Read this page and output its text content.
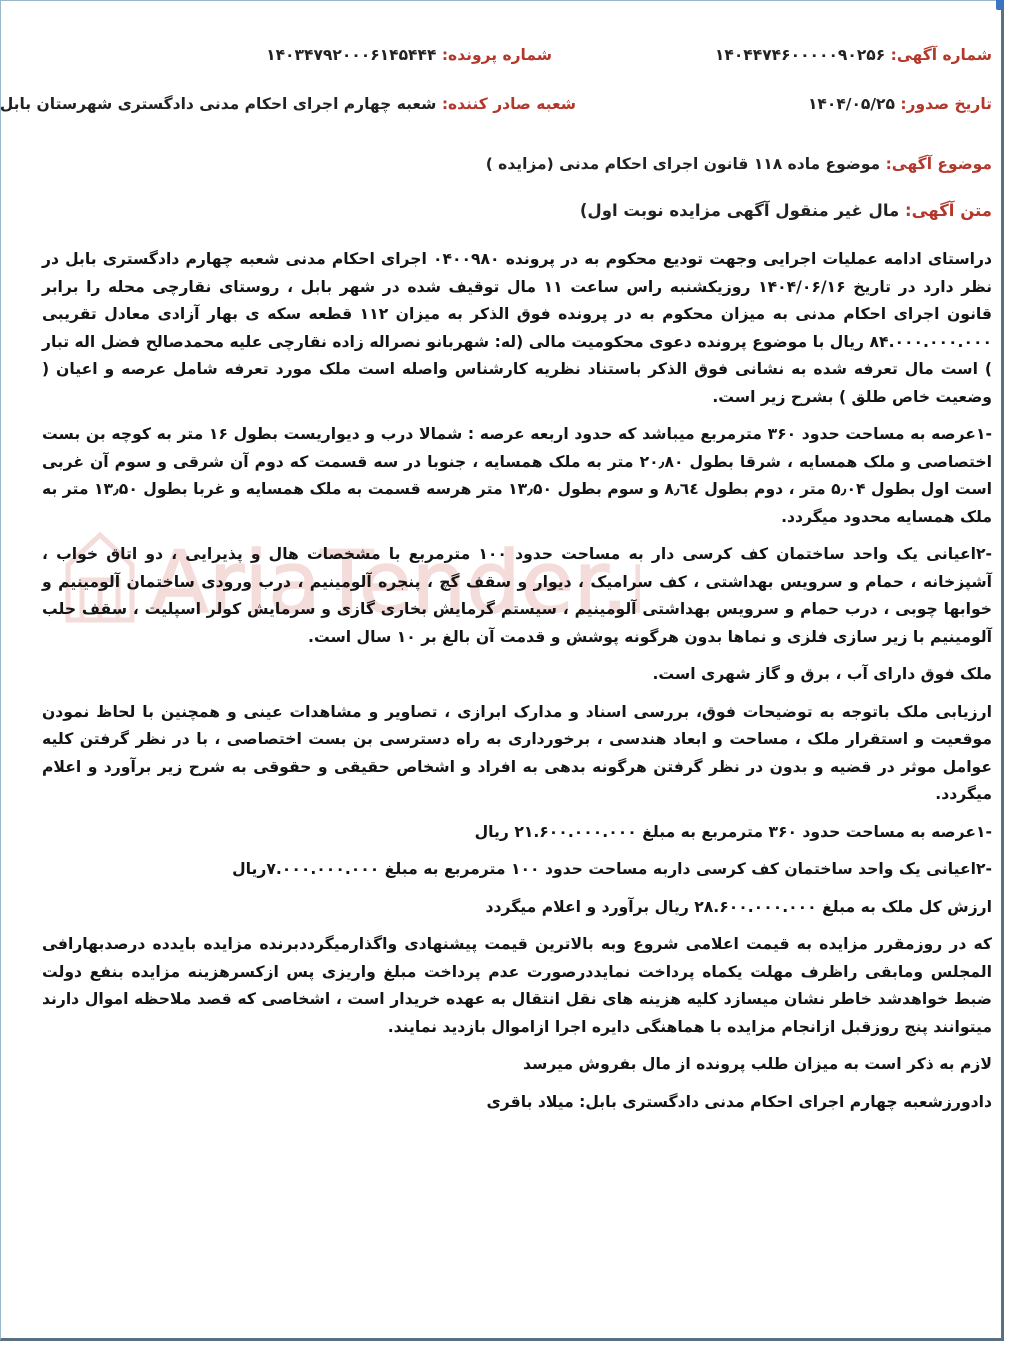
شماره آگهی: ۱۴۰۴۴۷۴۶۰۰۰۰۰۹۰۲۵۶
شماره پرونده: ۱۴۰۳۴۷۹۲۰۰۰۶۱۴۵۴۴۴
تاریخ صدور: ۱۴۰۴/۰۵/۲۵
شعبه صادر کننده: شعبه چهارم اجرای احکام مدنی دادگستری شهرستان بابل
موضوع آگهی: موضوع ماده ۱۱۸ قانون اجرای احکام مدنی (مزایده )
متن آگهی: مال غیر منقول آگهی مزایده نوبت اول)

دراستای ادامه عملیات اجرایی وجهت تودیع محکوم به در پرونده ۰۴۰۰۹۸۰ اجرای احکام مدنی شعبه چهارم دادگستری بابل در نظر دارد در تاریخ ۱۴۰۴/۰۶/۱۶ روزیکشنبه راس ساعت ۱۱ مال توقیف شده در شهر بابل ، روستای نقارچی محله را برابر قانون اجرای احکام مدنی به میزان محکوم به در پرونده فوق الذکر به میزان ۱۱۲ قطعه سکه ی بهار آزادی معادل تقریبی ۸۴.۰۰۰.۰۰۰.۰۰۰ ریال با موضوع پرونده دعوی محکومیت مالی (له: شهربانو نصراله زاده نقارچی علیه محمدصالح فضل اله تبار ) است مال تعرفه شده به نشانی فوق الذکر باستناد نظریه کارشناس واصله است ملک مورد تعرفه شامل عرصه و اعیان ( وضعیت خاص طلق ) بشرح زیر است.

-۱عرصه به مساحت حدود ۳۶۰ مترمربع میباشد که حدود اربعه عرصه : شمالا درب و دیواریست بطول ۱۶ متر به کوچه بن بست اختصاصی و ملک همسایه ، شرقا بطول ۲۰٫۸۰ متر به ملک همسایه ، جنوبا در سه قسمت که دوم آن شرقی و سوم آن غربی است اول بطول ۵٫۰۴ متر ، دوم بطول ۸٫٦٤ و سوم بطول ۱۳٫۵۰ متر هرسه قسمت به ملک همسایه و غربا بطول ۱۳٫۵۰ متر به ملک همسایه محدود میگردد.

-۲اعیانی یک واحد ساختمان کف کرسی دار به مساحت حدود ۱۰۰ مترمربع با مشخصات هال و پذیرایی ، دو اتاق خواب ، آشپزخانه ، حمام و سرویس بهداشتی ، کف سرامیک ، دیوار و سقف گچ ، پنجره آلومینیم ، درب ورودی ساختمان آلومینیم و خوابها چوبی ، درب حمام و سرویس بهداشتی آلومینیم ، سیستم گرمایش بخاری گازی و سرمایش کولر اسپلیت ، سقف حلب آلومینیم با زیر سازی فلزی و نماها بدون هرگونه پوشش و قدمت آن بالغ بر ۱۰ سال است.

ملک فوق دارای آب ، برق و گاز شهری است.

ارزیابی ملک باتوجه به توضیحات فوق، بررسی اسناد و مدارک ابرازی ، تصاویر و مشاهدات عینی و همچنین با لحاظ نمودن موقعیت و استقرار ملک ، مساحت و ابعاد هندسی ، برخورداری به راه دسترسی بن بست اختصاصی ، با در نظر گرفتن کلیه عوامل موثر در قضیه و بدون در نظر گرفتن هرگونه بدهی به افراد و اشخاص حقیقی و حقوقی به شرح زیر برآورد و اعلام میگردد.

-۱عرصه به مساحت حدود ۳۶۰ مترمربع به مبلغ ۲۱.۶۰۰.۰۰۰.۰۰۰ ریال

-۲اعیانی یک واحد ساختمان کف کرسی داربه مساحت حدود ۱۰۰ مترمربع به مبلغ ۷.۰۰۰.۰۰۰.۰۰۰ریال

ارزش کل ملک به مبلغ ۲۸.۶۰۰.۰۰۰.۰۰۰ ریال برآورد و اعلام میگردد

که در روزمقرر مزایده به قیمت اعلامی شروع وبه بالاترین قیمت پیشنهادی واگذارمیگرددبرنده مزایده بایدده درصدبهارافی المجلس ومابقی راظرف مهلت یکماه پرداخت نمایددرصورت عدم پرداخت مبلغ واریزی پس ازکسرهزینه مزایده بنفع دولت ضبط خواهدشد خاطر نشان میسازد کلیه هزینه های نقل انتقال به عهده خریدار است ، اشخاصی که قصد ملاحظه اموال دارند میتوانند پنج روزقبل ازانجام مزایده با هماهنگی دایره اجرا ازاموال بازدید نمایند.

لازم به ذکر است به میزان طلب پرونده از مال بفروش میرسد

دادورزشعبه چهارم اجرای احکام مدنی دادگستری بابل: میلاد باقری
